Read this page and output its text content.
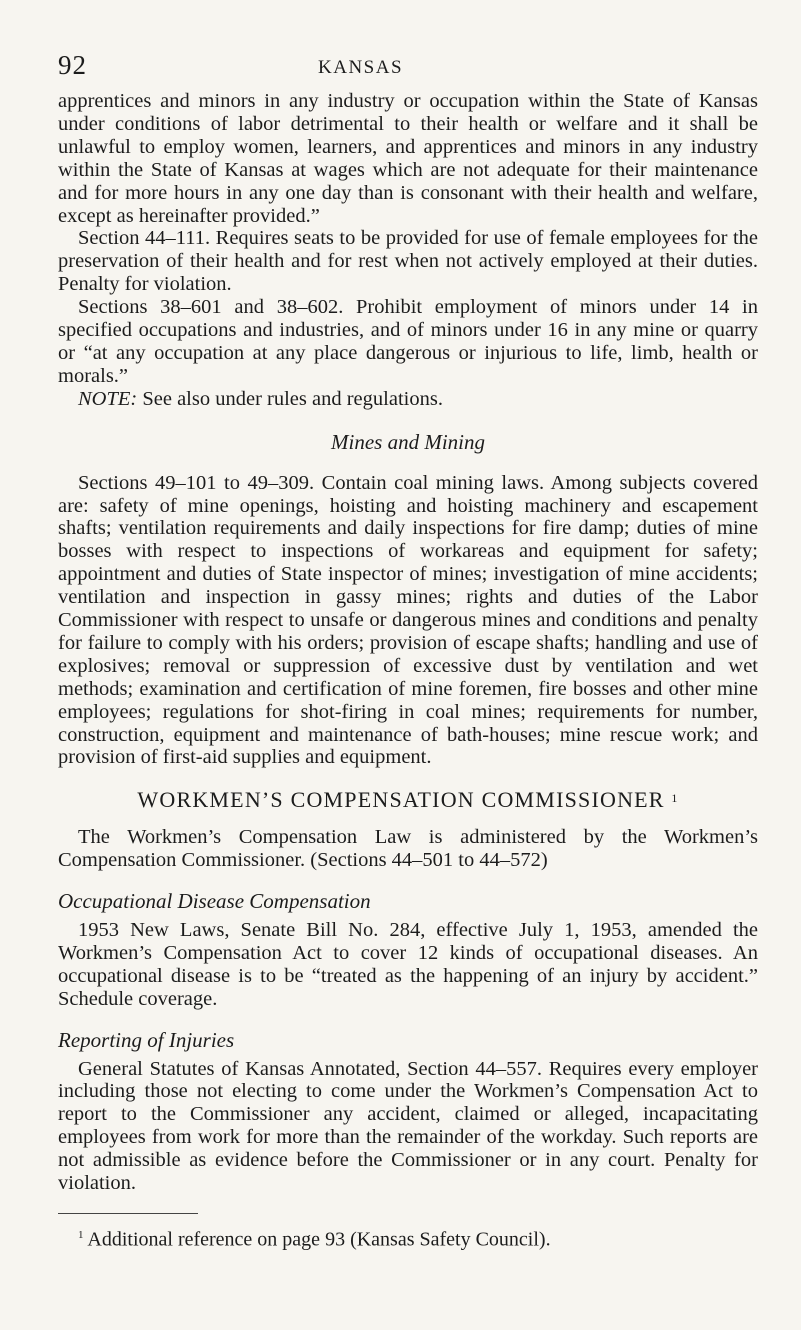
92	KANSAS

apprentices and minors in any industry or occupation within the State of Kansas under conditions of labor detrimental to their health or welfare and it shall be unlawful to employ women, learners, and apprentices and minors in any industry within the State of Kansas at wages which are not adequate for their maintenance and for more hours in any one day than is consonant with their health and welfare, except as hereinafter provided.”

Section 44–111. Requires seats to be provided for use of female employees for the preservation of their health and for rest when not actively employed at their duties. Penalty for violation.

Sections 38–601 and 38–602. Prohibit employment of minors under 14 in specified occupations and industries, and of minors under 16 in any mine or quarry or “at any occupation at any place dangerous or injurious to life, limb, health or morals.”

NOTE: See also under rules and regulations.

Mines and Mining

Sections 49–101 to 49–309. Contain coal mining laws. Among subjects covered are: safety of mine openings, hoisting and hoisting machinery and escapement shafts; ventilation requirements and daily inspections for fire damp; duties of mine bosses with respect to inspections of workareas and equipment for safety; appointment and duties of State inspector of mines; investigation of mine accidents; ventilation and inspection in gassy mines; rights and duties of the Labor Commissioner with respect to unsafe or dangerous mines and conditions and penalty for failure to comply with his orders; provision of escape shafts; handling and use of explosives; removal or suppression of excessive dust by ventilation and wet methods; examination and certification of mine foremen, fire bosses and other mine employees; regulations for shot-firing in coal mines; requirements for number, construction, equipment and maintenance of bath-houses; mine rescue work; and provision of first-aid supplies and equipment.

WORKMEN’S COMPENSATION COMMISSIONER $^1$

The Workmen’s Compensation Law is administered by the Workmen’s Compensation Commissioner. (Sections 44–501 to 44–572)

Occupational Disease Compensation

1953 New Laws, Senate Bill No. 284, effective July 1, 1953, amended the Workmen’s Compensation Act to cover 12 kinds of occupational diseases. An occupational disease is to be “treated as the happening of an injury by accident.” Schedule coverage.

Reporting of Injuries

General Statutes of Kansas Annotated, Section 44–557. Requires every employer including those not electing to come under the Workmen’s Compensation Act to report to the Commissioner any accident, claimed or alleged, incapacitating employees from work for more than the remainder of the workday. Such reports are not admissible as evidence before the Commissioner or in any court. Penalty for violation.

$^1$ Additional reference on page 93 (Kansas Safety Council).
